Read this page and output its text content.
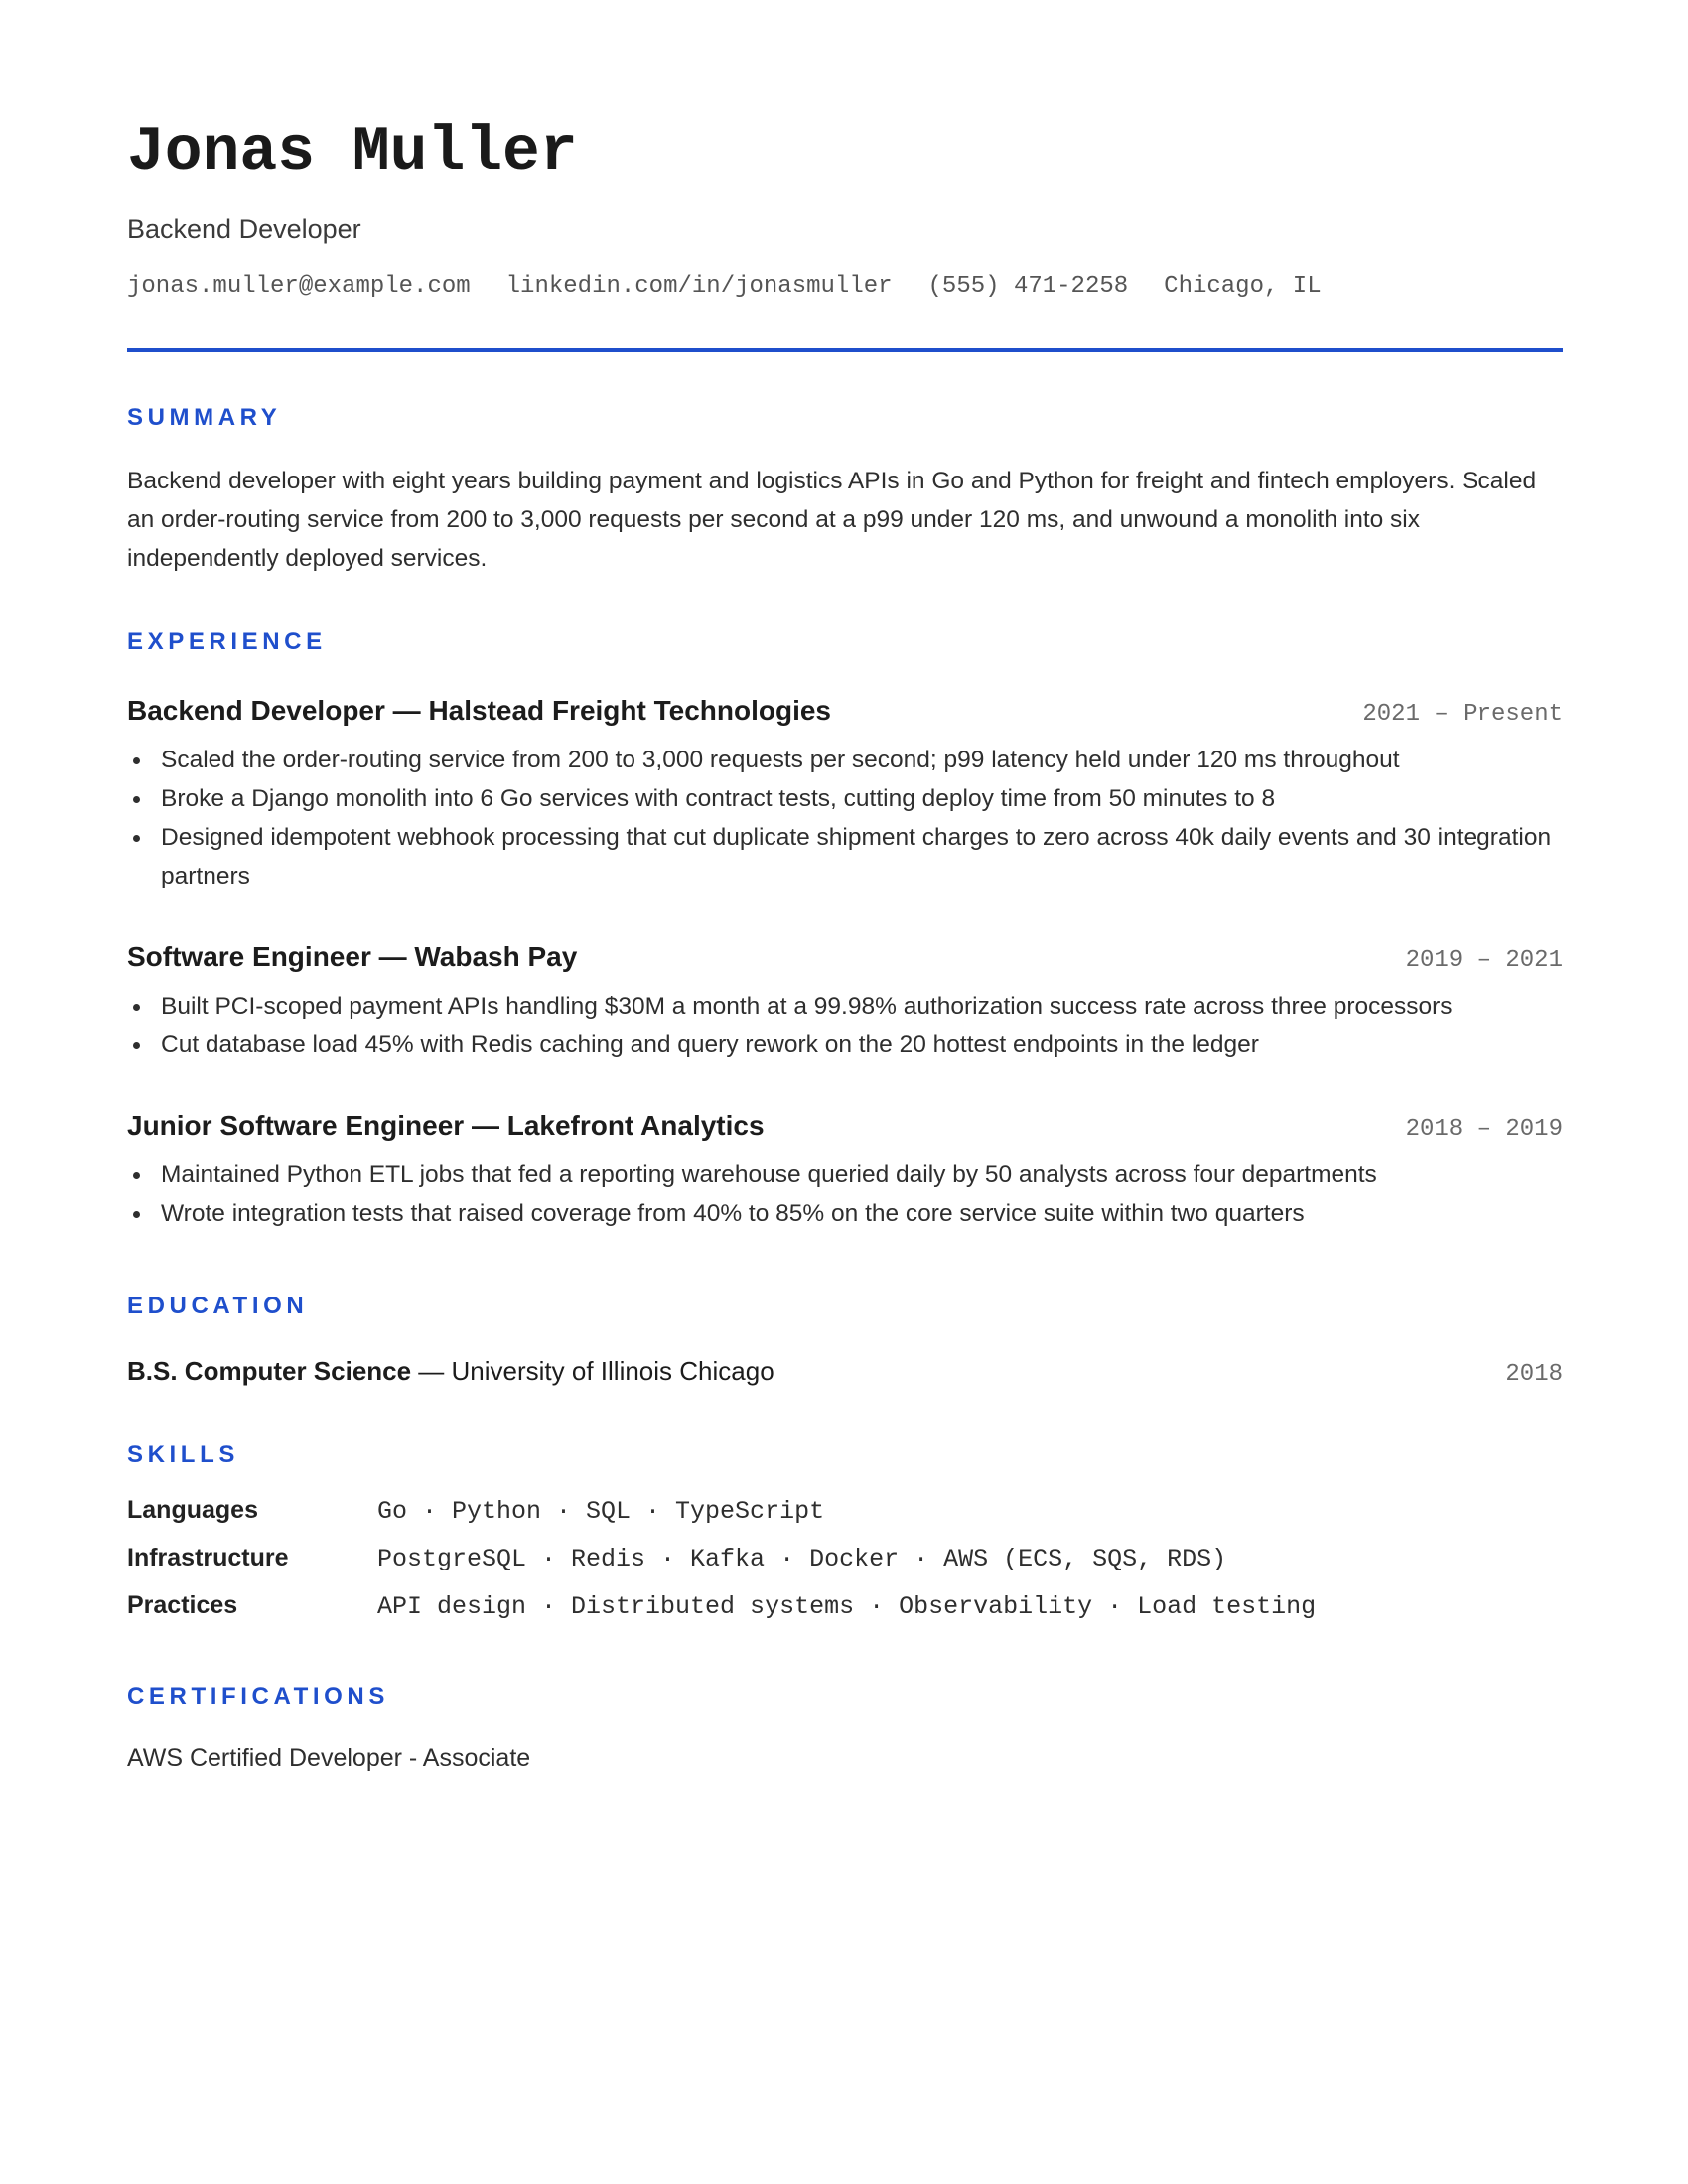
Jonas Muller
Backend Developer
jonas.muller@example.com linkedin.com/in/jonasmuller (555) 471-2258 Chicago, IL
SUMMARY

Backend developer with eight years building payment and logistics APIs in Go and Python for freight and fintech employers. Scaled an order-routing service from 200 to 3,000 requests per second at a p99 under 120 ms, and unwound a monolith into six independently deployed services.

EXPERIENCE
Backend Developer — Halstead Freight Technologies	2021 – Present
Scaled the order-routing service from 200 to 3,000 requests per second; p99 latency held under 120 ms throughout
Broke a Django monolith into 6 Go services with contract tests, cutting deploy time from 50 minutes to 8
Designed idempotent webhook processing that cut duplicate shipment charges to zero across 40k daily events and 30 integration partners
Software Engineer — Wabash Pay	2019 – 2021
Built PCI-scoped payment APIs handling $30M a month at a 99.98% authorization success rate across three processors
Cut database load 45% with Redis caching and query rework on the 20 hottest endpoints in the ledger
Junior Software Engineer — Lakefront Analytics	2018 – 2019
Maintained Python ETL jobs that fed a reporting warehouse queried daily by 50 analysts across four departments
Wrote integration tests that raised coverage from 40% to 85% on the core service suite within two quarters
EDUCATION
B.S. Computer Science — University of Illinois Chicago	2018
SKILLS
Languages	Go · Python · SQL · TypeScript
Infrastructure	PostgreSQL · Redis · Kafka · Docker · AWS (ECS, SQS, RDS)
Practices	API design · Distributed systems · Observability · Load testing
CERTIFICATIONS
AWS Certified Developer - Associate
